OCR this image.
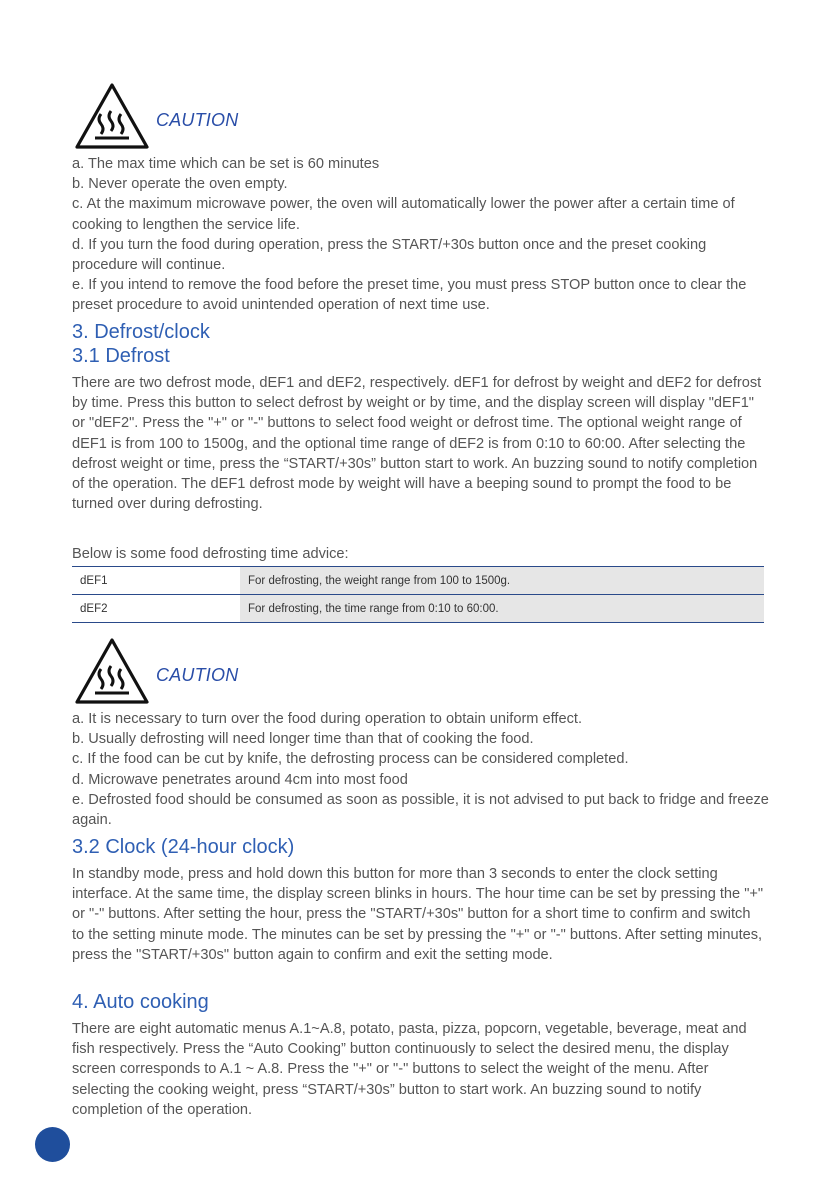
CAUTION

a. The max time which can be set is 60 minutes

b. Never operate the oven empty.

c. At the maximum microwave power, the oven will automatically lower the power after a certain time of cooking to lengthen the service life.

d. If you turn the food during operation, press the START/+30s button once and the preset cooking procedure will continue.

e. If you intend to remove the food before the preset time, you must press STOP button once to clear the preset procedure to avoid unintended operation of next time use.

3. Defrost/clock
3.1 Defrost

There are two defrost mode, dEF1 and dEF2, respectively. dEF1 for defrost by weight and dEF2 for defrost by time. Press this button to select defrost by weight or by time, and the display screen will display "dEF1" or "dEF2". Press the "+" or "-" buttons to select food weight or defrost time. The optional weight range of dEF1 is from 100 to 1500g, and the optional time range of dEF2 is from 0:10 to 60:00. After selecting the defrost weight or time, press the “START/+30s” button start to work. An buzzing sound to notify completion of the operation. The dEF1 defrost mode by weight will have a beeping sound to prompt the food to be turned over during defrosting.

Below is some food defrosting time advice:

dEF1	For defrosting, the weight range from 100 to 1500g.
dEF2	For defrosting, the time range from 0:10 to 60:00.
CAUTION

a. It is necessary to turn over the food during operation to obtain uniform effect.

b. Usually defrosting will need longer time than that of cooking the food.

c. If the food can be cut by knife, the defrosting process can be considered completed.

d. Microwave penetrates around 4cm into most food

e. Defrosted food should be consumed as soon as possible, it is not advised to put back to fridge and freeze again.

3.2 Clock (24-hour clock)

In standby mode, press and hold down this button for more than 3 seconds to enter the clock setting interface. At the same time, the display screen blinks in hours. The hour time can be set by pressing the "+" or "-" buttons. After setting the hour, press the "START/+30s" button for a short time to confirm and switch to the setting minute mode. The minutes can be set by pressing the "+" or "-" buttons. After setting minutes, press the "START/+30s" button again to confirm and exit the setting mode.

4. Auto cooking

There are eight automatic menus A.1~A.8, potato, pasta, pizza, popcorn, vegetable, beverage, meat and fish respectively. Press the “Auto Cooking” button continuously to select the desired menu, the display screen corresponds to A.1 ~ A.8. Press the "+" or "-" buttons to select the weight of the menu. After selecting the cooking weight, press “START/+30s” button to start work. An buzzing sound to notify completion of the operation.
